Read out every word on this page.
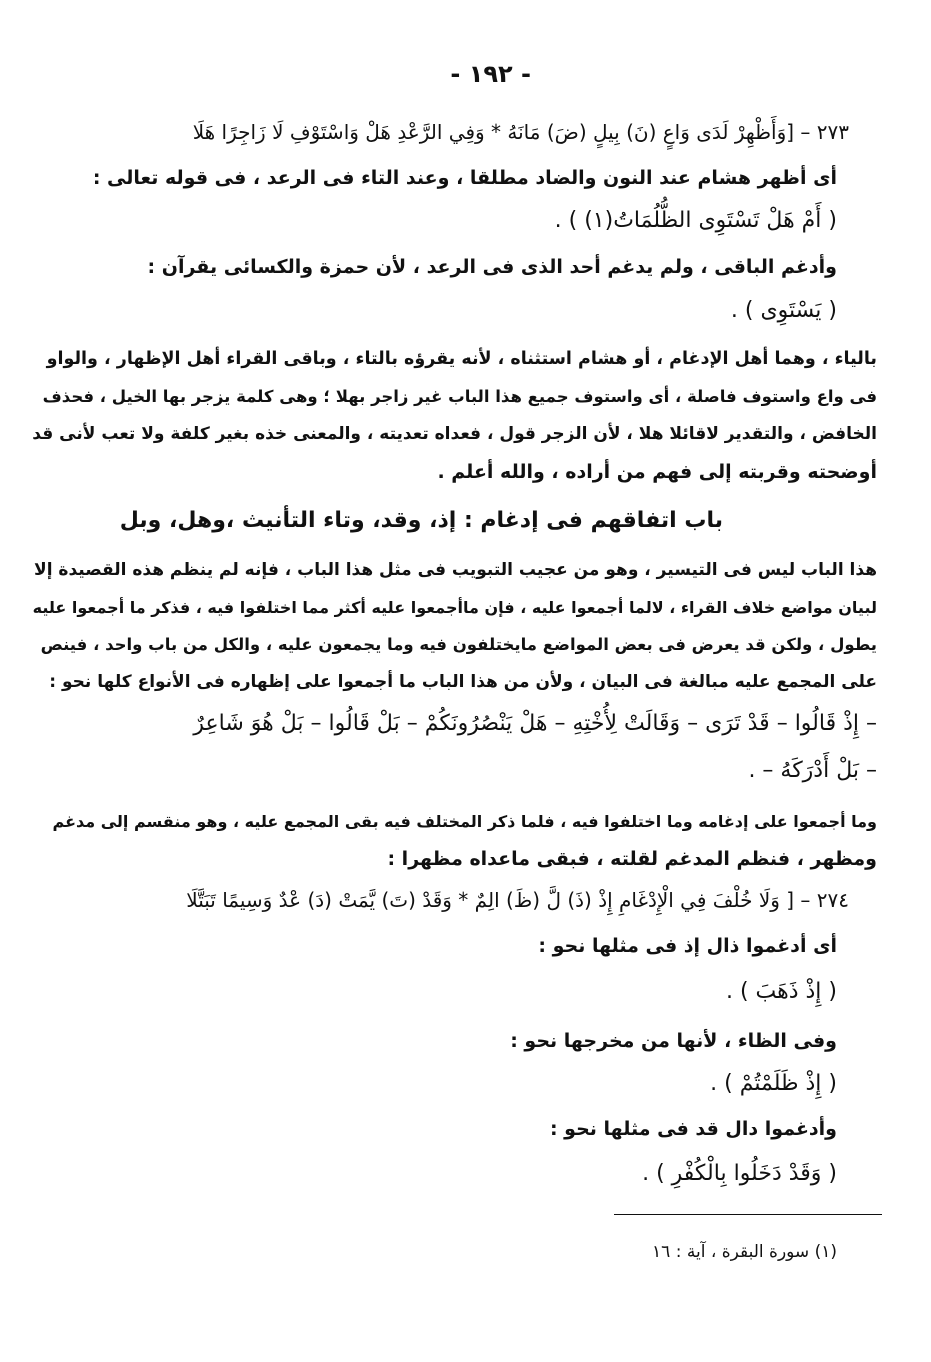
- ١٩٢ -
٢٧٣ – [وَأَظْهِرْ لَدَى وَاعٍ (نَ) بِيلٍ (ضَ) مَانَهُ * وَفِي الرَّعْدِ هَلْ وَاسْتَوْفِ لَا زَاجِرًا هَلَا
أى أظهر هشام عند النون والضاد مطلقا ، وعند التاء فى الرعد ، فى قوله تعالى :
( أَمْ هَلْ تَسْتَوِى الظُّلُمَاتُ(١) ) .
وأدغم الباقى ، ولم يدغم أحد الذى فى الرعد ، لأن حمزة والكسائى يقرآن :
( يَسْتَوِى ) .
بالياء ، وهما أهل الإدغام ، أو هشام استثناه ، لأنه يقرؤه بالتاء ، وباقى القراء أهل الإظهار ، والواو
فى واع واستوف فاصلة ، أى واستوف جميع هذا الباب غير زاجر بهلا ؛ وهى كلمة يزجر بها الخيل ، فحذف
الخافض ، والتقدير لاقائلا هلا ، لأن الزجر قول ، فعداه تعديته ، والمعنى خذه بغير كلفة ولا تعب لأنى قد
أوضحته وقربته إلى فهم من أراده ، والله أعلم .
باب اتفاقهم فى إدغام : إذ، وقد، وتاء التأنيث ،وهل، وبل
هذا الباب ليس فى التيسير ، وهو من عجيب التبويب فى مثل هذا الباب ، فإنه لم ينظم هذه القصيدة إلا
لبيان مواضع خلاف القراء ، لالما أجمعوا عليه ، فإن ماأجمعوا عليه أكثر مما اختلفوا فيه ، فذكر ما أجمعوا عليه
يطول ، ولكن قد يعرض فى بعض المواضع مايختلفون فيه وما يجمعون عليه ، والكل من باب واحد ، فينص
على المجمع عليه مبالغة فى البيان ، ولأن من هذا الباب ما أجمعوا على إظهاره فى الأنواع كلها نحو :
– إِذْ قَالُوا – قَدْ تَرَى – وَقَالَتْ لِأُخْتِهِ – هَلْ يَنْصُرُونَكُمْ – بَلْ قَالُوا – بَلْ هُوَ شَاعِرٌ
– بَلْ أَدْرَكَهُ – .
وما أجمعوا على إدغامه وما اختلفوا فيه ، فلما ذكر المختلف فيه بقى المجمع عليه ، وهو منقسم إلى مدغم
ومظهر ، فنظم المدغم لقلته ، فبقى ماعداه مظهرا :
٢٧٤ – [ وَلَا خُلْفَ فِي الْإِدْغَامِ إِذْ (ذَ) لَّ (ظَ) الِمٌ * وَقَدْ (تَ) يَّمَتْ (دَ) عْدٌ وَسِيمًا تَبَتَّلَا
أى أدغموا ذال إذ فى مثلها نحو :
( إِذْ ذَهَبَ ) .
وفى الظاء ، لأنها من مخرجها نحو :
( إِذْ ظَلَمْتُمْ ) .
وأدغموا دال قد فى مثلها نحو :
( وَقَدْ دَخَلُوا بِالْكُفْرِ ) .
(١) سورة البقرة ، آية : ١٦
